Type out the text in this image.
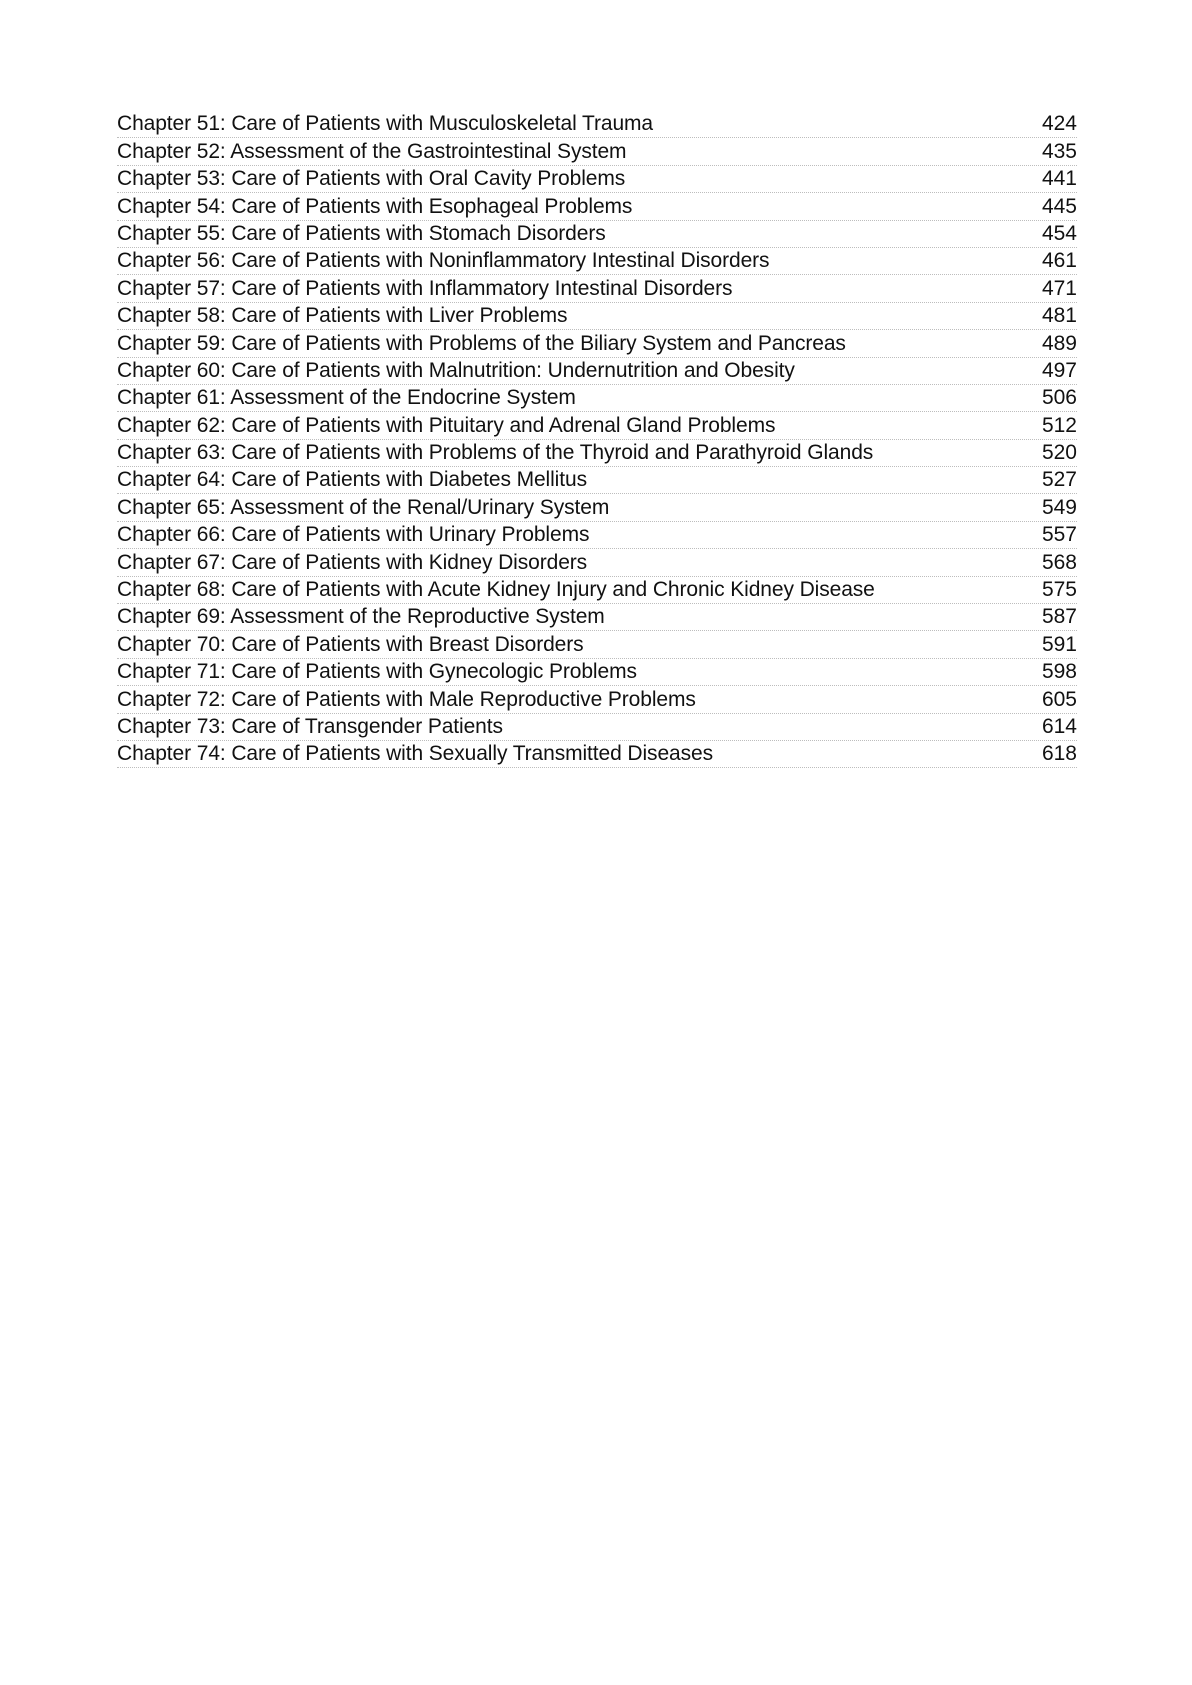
Chapter 51: Care of Patients with Musculoskeletal Trauma	424
Chapter 52: Assessment of the Gastrointestinal System	435
Chapter 53: Care of Patients with Oral Cavity Problems	441
Chapter 54: Care of Patients with Esophageal Problems	445
Chapter 55: Care of Patients with Stomach Disorders	454
Chapter 56: Care of Patients with Noninflammatory Intestinal Disorders	461
Chapter 57: Care of Patients with Inflammatory Intestinal Disorders	471
Chapter 58: Care of Patients with Liver Problems	481
Chapter 59: Care of Patients with Problems of the Biliary System and Pancreas	489
Chapter 60: Care of Patients with Malnutrition: Undernutrition and Obesity	497
Chapter 61: Assessment of the Endocrine System	506
Chapter 62: Care of Patients with Pituitary and Adrenal Gland Problems	512
Chapter 63: Care of Patients with Problems of the Thyroid and Parathyroid Glands	520
Chapter 64: Care of Patients with Diabetes Mellitus	527
Chapter 65: Assessment of the Renal/Urinary System	549
Chapter 66: Care of Patients with Urinary Problems	557
Chapter 67: Care of Patients with Kidney Disorders	568
Chapter 68: Care of Patients with Acute Kidney Injury and Chronic Kidney Disease	575
Chapter 69: Assessment of the Reproductive System	587
Chapter 70: Care of Patients with Breast Disorders	591
Chapter 71: Care of Patients with Gynecologic Problems	598
Chapter 72: Care of Patients with Male Reproductive Problems	605
Chapter 73: Care of Transgender Patients	614
Chapter 74: Care of Patients with Sexually Transmitted Diseases	618
